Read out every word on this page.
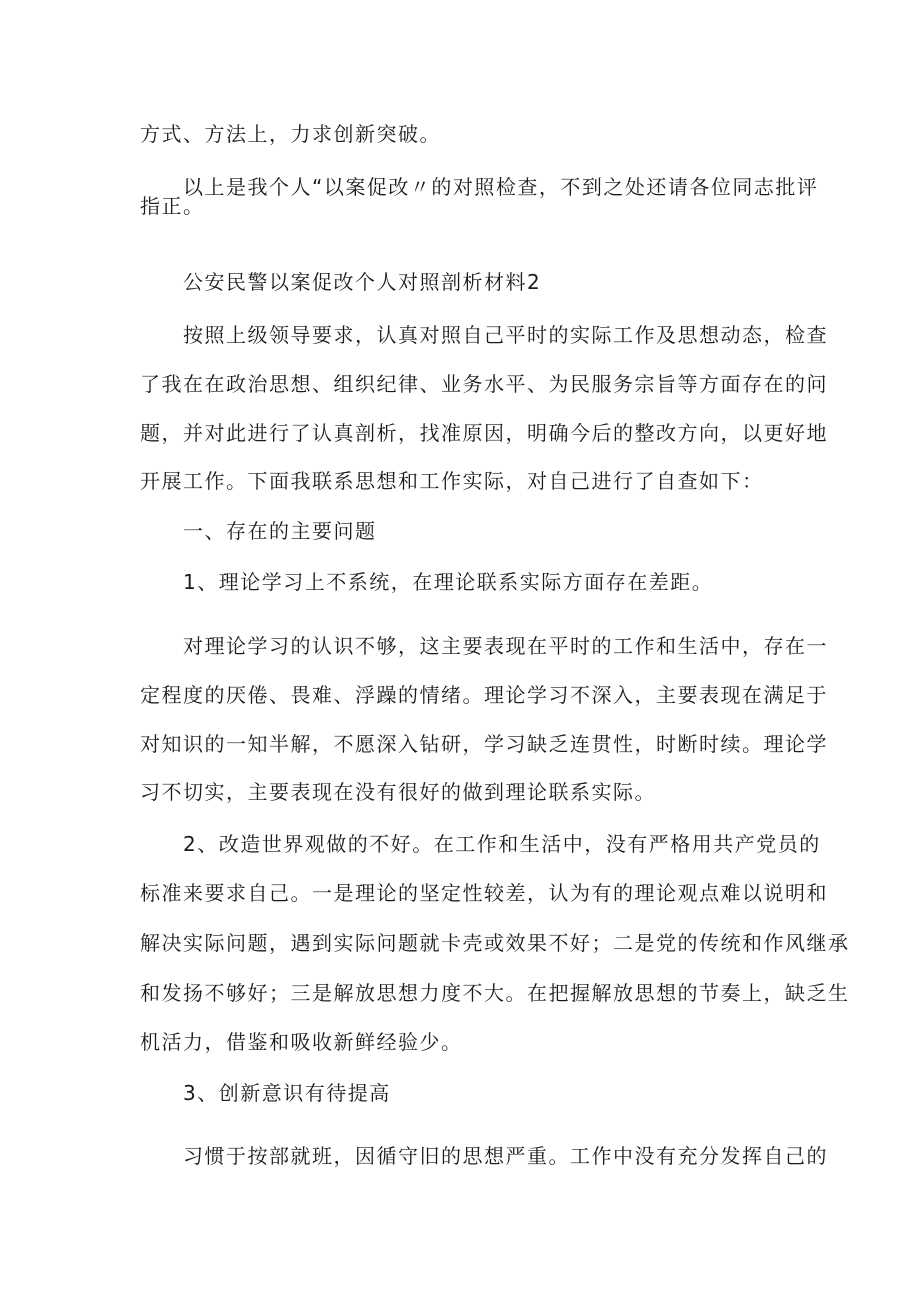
方式、方法上，力求创新突破。
以上是我个人“以案促改〃的对照检查，不到之处还请各位同志批评
指正。
公安民警以案促改个人对照剖析材料2
按照上级领导要求，认真对照自己平时的实际工作及思想动态，检查
了我在在政治思想、组织纪律、业务水平、为民服务宗旨等方面存在的问
题，并对此进行了认真剖析，找准原因，明确今后的整改方向，以更好地
开展工作。下面我联系思想和工作实际，对自己进行了自查如下：
一、存在的主要问题
1、理论学习上不系统，在理论联系实际方面存在差距。
对理论学习的认识不够，这主要表现在平时的工作和生活中，存在一
定程度的厌倦、畏难、浮躁的情绪。理论学习不深入，主要表现在满足于
对知识的一知半解，不愿深入钻研，学习缺乏连贯性，时断时续。理论学
习不切实，主要表现在没有很好的做到理论联系实际。
2、改造世界观做的不好。在工作和生活中，没有严格用共产党员的
标准来要求自己。一是理论的坚定性较差，认为有的理论观点难以说明和
解决实际问题，遇到实际问题就卡壳或效果不好；二是党的传统和作风继承
和发扬不够好；三是解放思想力度不大。在把握解放思想的节奏上，缺乏生
机活力，借鉴和吸收新鲜经验少。
3、创新意识有待提高
习惯于按部就班，因循守旧的思想严重。工作中没有充分发挥自己的
